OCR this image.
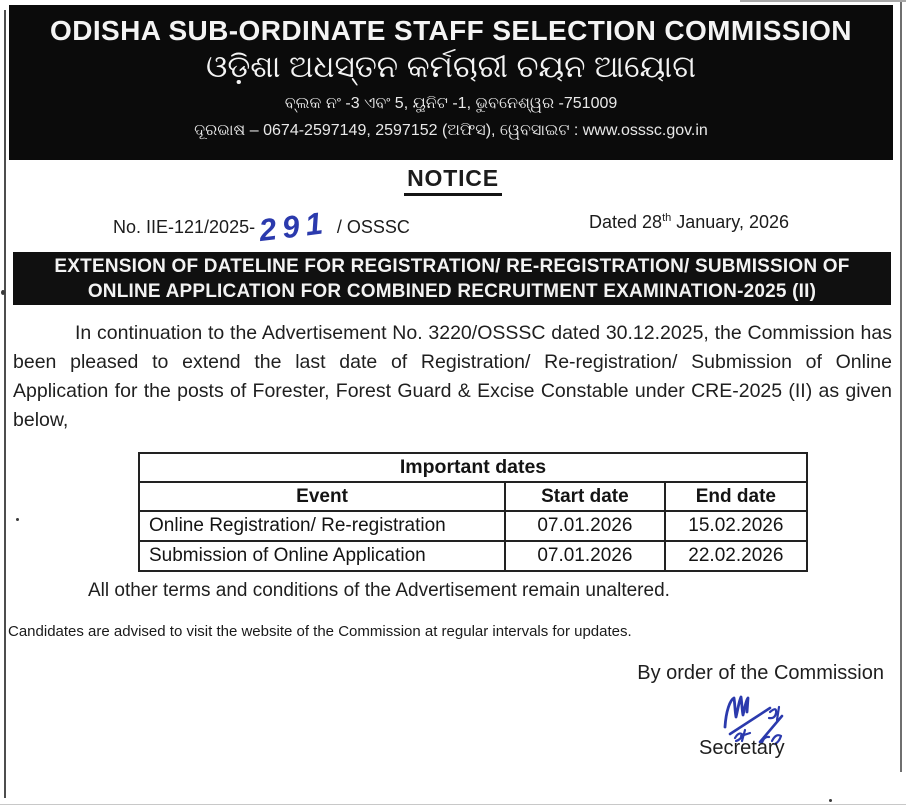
ODISHA SUB-ORDINATE STAFF SELECTION COMMISSION
ଓଡ଼ିଶା ଅଧସ୍ତନ କର୍ମଚାରୀ ଚୟନ ଆୟୋଗ
ବ୍ଲକ ନଂ -3 ଏବଂ 5, ୟୁନିଟ -1, ଭୁବନେଶ୍ୱର -751009
ଦୂରଭାଷ – 0674-2597149, 2597152 (ଅଫିସ), ୱେବସାଇଟ : www.osssc.gov.in
NOTICE
No. IIE-121/2025-291 / OSSSC	Dated 28th January, 2026
EXTENSION OF DATELINE FOR REGISTRATION/ RE-REGISTRATION/ SUBMISSION OF
ONLINE APPLICATION FOR COMBINED RECRUITMENT EXAMINATION-2025 (II)
In continuation to the Advertisement No. 3220/OSSSC dated 30.12.2025, the Commission has been pleased to extend the last date of Registration/ Re-registration/ Submission of Online Application for the posts of Forester, Forest Guard & Excise Constable under CRE-2025 (II) as given below,
Important dates		
Event	Start date	End date
Online Registration/ Re-registration	07.01.2026	15.02.2026
Submission of Online Application	07.01.2026	22.02.2026
All other terms and conditions of the Advertisement remain unaltered.
Candidates are advised to visit the website of the Commission at regular intervals for updates.
By order of the Commission
Secretary
